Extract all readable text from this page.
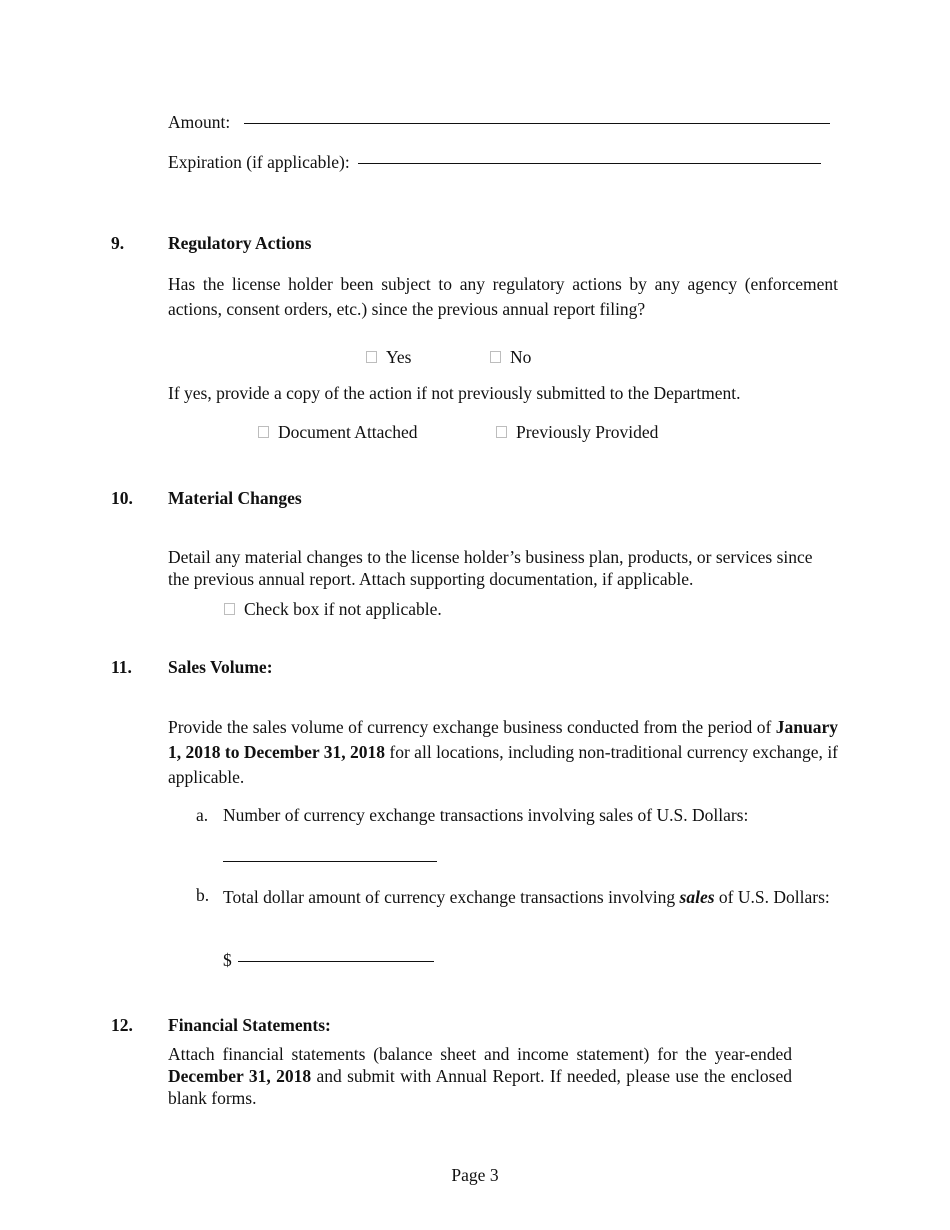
Amount:
Expiration (if applicable):
9.	Regulatory Actions

Has the license holder been subject to any regulatory actions by any agency (enforcement actions, consent orders, etc.) since the previous annual report filing?

Yes	No

If yes, provide a copy of the action if not previously submitted to the Department.

Document Attached	Previously Provided
10. Material Changes

Detail any material changes to the license holder’s business plan, products, or services since the previous annual report. Attach supporting documentation, if applicable.

Check box if not applicable.
11. Sales Volume:

Provide the sales volume of currency exchange business conducted from the period of January 1, 2018 to December 31, 2018 for all locations, including non-traditional currency exchange, if applicable.

a. Number of currency exchange transactions involving sales of U.S. Dollars:

b. Total dollar amount of currency exchange transactions involving sales of U.S. Dollars:

$
12. Financial Statements:

Attach financial statements (balance sheet and income statement) for the year-ended December 31, 2018 and submit with Annual Report. If needed, please use the enclosed blank forms.

Page 3
